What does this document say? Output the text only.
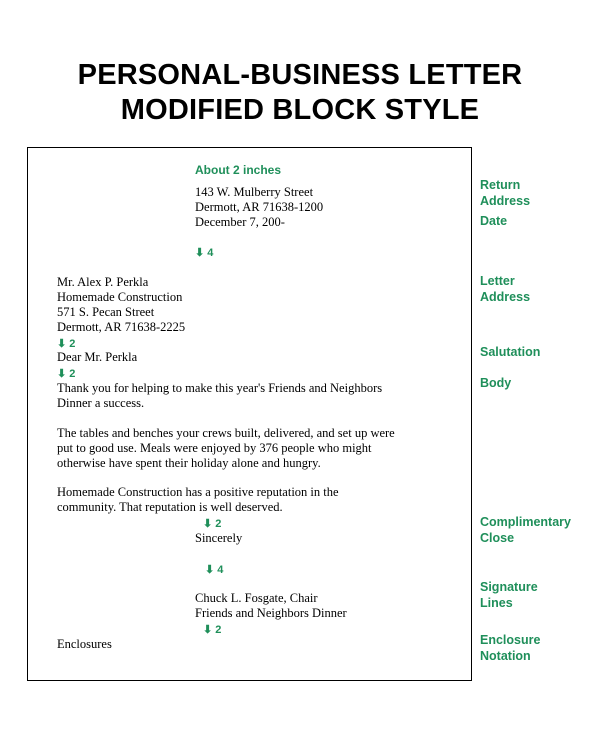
PERSONAL-BUSINESS LETTER
MODIFIED BLOCK STYLE
About 2 inches
143 W. Mulberry Street
Dermott, AR 71638-1200
December 7, 200-
⬇ 4
Mr. Alex P. Perkla
Homemade Construction
571 S. Pecan Street
Dermott, AR 71638-2225
⬇ 2
Dear Mr. Perkla
⬇ 2
Thank you for helping to make this year's Friends and Neighbors
Dinner a success.
The tables and benches your crews built, delivered, and set up were
put to good use. Meals were enjoyed by 376 people who might
otherwise have spent their holiday alone and hungry.
Homemade Construction has a positive reputation in the
community. That reputation is well deserved.
⬇ 2
Sincerely
⬇ 4
Chuck L. Fosgate, Chair
Friends and Neighbors Dinner
⬇ 2
Enclosures
Return
Address
Date
Letter
Address
Salutation
Body
Complimentary
Close
Signature
Lines
Enclosure
Notation
